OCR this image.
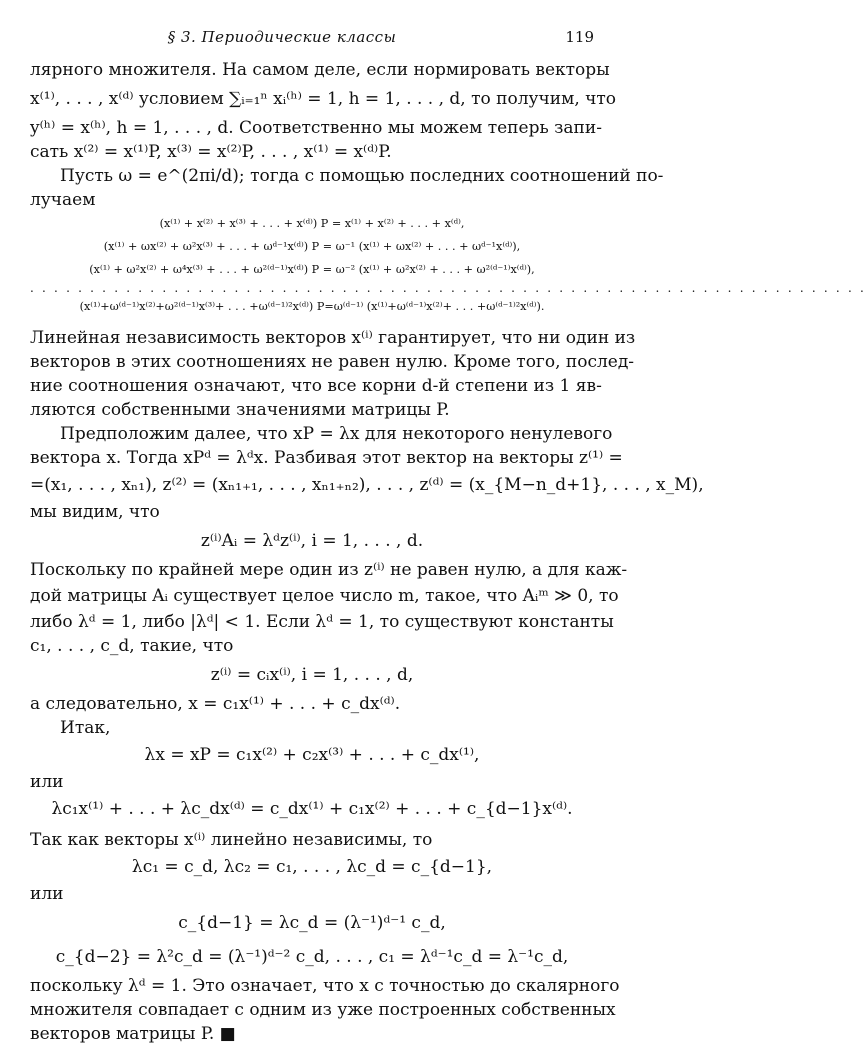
§ 3. Периодические классы	119
лярного множителя. На самом деле, если нормировать векторы
x⁽¹⁾, . . . , x⁽ᵈ⁾ условием ∑ᵢ₌₁ⁿ xᵢ⁽ʰ⁾ = 1, h = 1, . . . , d, то получим, что
y⁽ʰ⁾ = x⁽ʰ⁾, h = 1, . . . , d. Соответственно мы можем теперь запи-
сать x⁽²⁾ = x⁽¹⁾P, x⁽³⁾ = x⁽²⁾P, . . . , x⁽¹⁾ = x⁽ᵈ⁾P.
Пусть ω = e^(2πi/d); тогда с помощью последних соотношений по-
лучаем
(x⁽¹⁾ + x⁽²⁾ + x⁽³⁾ + . . . + x⁽ᵈ⁾) P = x⁽¹⁾ + x⁽²⁾ + . . . + x⁽ᵈ⁾,
(x⁽¹⁾ + ωx⁽²⁾ + ω²x⁽³⁾ + . . . + ωᵈ⁻¹x⁽ᵈ⁾) P = ω⁻¹ (x⁽¹⁾ + ωx⁽²⁾ + . . . + ωᵈ⁻¹x⁽ᵈ⁾),
(x⁽¹⁾ + ω²x⁽²⁾ + ω⁴x⁽³⁾ + . . . + ω²⁽ᵈ⁻¹⁾x⁽ᵈ⁾) P = ω⁻² (x⁽¹⁾ + ω²x⁽²⁾ + . . . + ω²⁽ᵈ⁻¹⁾x⁽ᵈ⁾),
. . . . . . . . . . . . . . . . . . . . . . . . . . . . . . . . . . . . . . . . . . . . . . . . . . . . . . . . . . . . . . . . . . . . . .
(x⁽¹⁾+ω⁽ᵈ⁻¹⁾x⁽²⁾+ω²⁽ᵈ⁻¹⁾x⁽³⁾+ . . . +ω⁽ᵈ⁻¹⁾²x⁽ᵈ⁾) P=ω⁽ᵈ⁻¹⁾ (x⁽¹⁾+ω⁽ᵈ⁻¹⁾x⁽²⁾+ . . . +ω⁽ᵈ⁻¹⁾²x⁽ᵈ⁾).
Линейная независимость векторов x⁽ⁱ⁾ гарантирует, что ни один из
векторов в этих соотношениях не равен нулю. Кроме того, послед-
ние соотношения означают, что все корни d-й степени из 1 яв-
ляются собственными значениями матрицы P.
Предположим далее, что xP = λx для некоторого ненулевого
вектора x. Тогда xPᵈ = λᵈx. Разбивая этот вектор на векторы z⁽¹⁾ =
=(x₁, . . . , xₙ₁), z⁽²⁾ = (xₙ₁₊₁, . . . , xₙ₁₊ₙ₂), . . . , z⁽ᵈ⁾ = (x_{M−n_d+1}, . . . , x_M),
мы видим, что
z⁽ⁱ⁾Aᵢ = λᵈz⁽ⁱ⁾, i = 1, . . . , d.
Поскольку по крайней мере один из z⁽ⁱ⁾ не равен нулю, а для каж-
дой матрицы Aᵢ существует целое число m, такое, что Aᵢᵐ ≫ 0, то
либо λᵈ = 1, либо |λᵈ| < 1. Если λᵈ = 1, то существуют константы
c₁, . . . , c_d, такие, что
z⁽ⁱ⁾ = cᵢx⁽ⁱ⁾, i = 1, . . . , d,
а следовательно, x = c₁x⁽¹⁾ + . . . + c_dx⁽ᵈ⁾.
Итак,
λx = xP = c₁x⁽²⁾ + c₂x⁽³⁾ + . . . + c_dx⁽¹⁾,
или
λc₁x⁽¹⁾ + . . . + λc_dx⁽ᵈ⁾ = c_dx⁽¹⁾ + c₁x⁽²⁾ + . . . + c_{d−1}x⁽ᵈ⁾.
Так как векторы x⁽ⁱ⁾ линейно независимы, то
λc₁ = c_d, λc₂ = c₁, . . . , λc_d = c_{d−1},
или
c_{d−1} = λc_d = (λ⁻¹)ᵈ⁻¹ c_d,
c_{d−2} = λ²c_d = (λ⁻¹)ᵈ⁻² c_d, . . . , c₁ = λᵈ⁻¹c_d = λ⁻¹c_d,
поскольку λᵈ = 1. Это означает, что x с точностью до скалярного
множителя совпадает с одним из уже построенных собственных
векторов матрицы P. ■
